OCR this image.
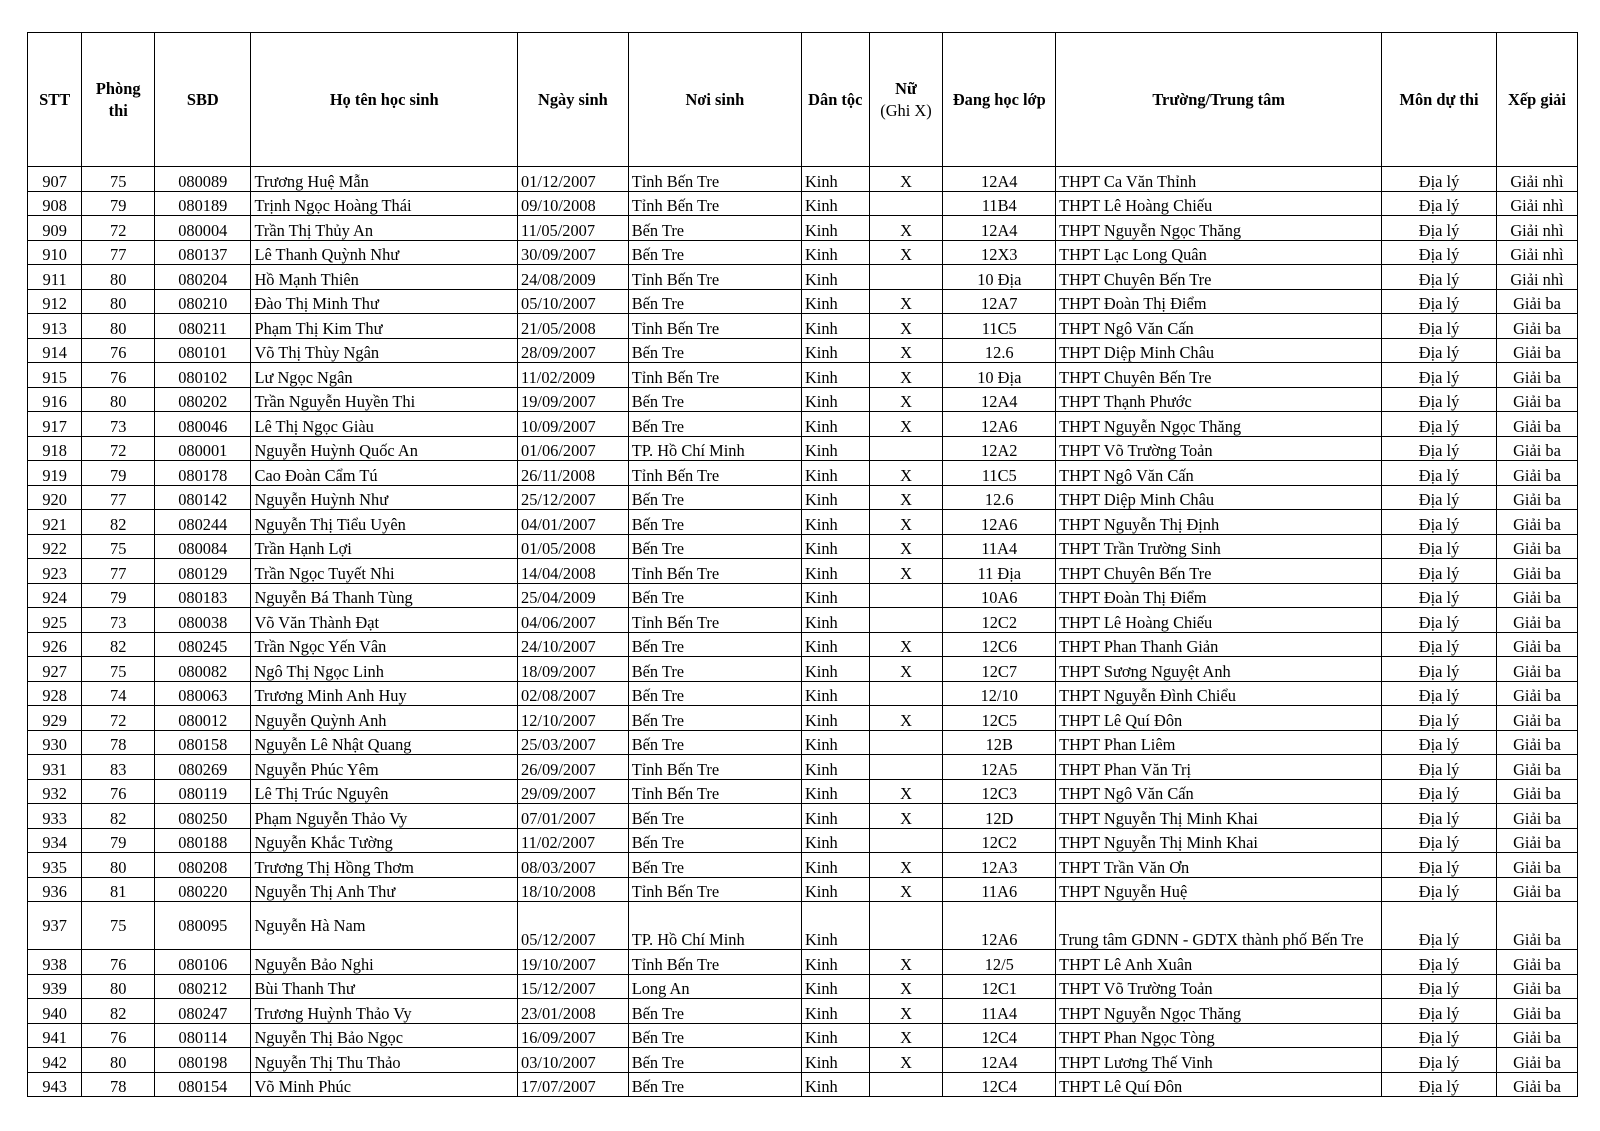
STT	Phòng thi	SBD	Họ tên học sinh	Ngày sinh	Nơi sinh	Dân tộc	Nữ
(Ghi X)	Đang học lớp	Trường/Trung tâm	Môn dự thi	Xếp giải
907	75	080089	Trương Huệ Mẫn	01/12/2007	Tỉnh Bến Tre	Kinh	X	12A4	THPT Ca Văn Thỉnh	Địa lý	Giải nhì
908	79	080189	Trịnh Ngọc Hoàng Thái	09/10/2008	Tỉnh Bến Tre	Kinh		11B4	THPT Lê Hoàng Chiếu	Địa lý	Giải nhì
909	72	080004	Trần Thị Thủy An	11/05/2007	Bến Tre	Kinh	X	12A4	THPT Nguyễn Ngọc Thăng	Địa lý	Giải nhì
910	77	080137	Lê Thanh Quỳnh Như	30/09/2007	Bến Tre	Kinh	X	12X3	THPT Lạc Long Quân	Địa lý	Giải nhì
911	80	080204	Hồ Mạnh Thiên	24/08/2009	Tỉnh Bến Tre	Kinh		10 Địa	THPT Chuyên Bến Tre	Địa lý	Giải nhì
912	80	080210	Đào Thị Minh Thư	05/10/2007	Bến Tre	Kinh	X	12A7	THPT Đoàn Thị Điểm	Địa lý	Giải ba
913	80	080211	Phạm Thị Kim Thư	21/05/2008	Tỉnh Bến Tre	Kinh	X	11C5	THPT Ngô Văn Cấn	Địa lý	Giải ba
914	76	080101	Võ Thị Thùy Ngân	28/09/2007	Bến Tre	Kinh	X	12.6	THPT Diệp Minh Châu	Địa lý	Giải ba
915	76	080102	Lư Ngọc Ngân	11/02/2009	Tỉnh Bến Tre	Kinh	X	10 Địa	THPT Chuyên Bến Tre	Địa lý	Giải ba
916	80	080202	Trần Nguyễn Huyền Thi	19/09/2007	Bến Tre	Kinh	X	12A4	THPT Thạnh Phước	Địa lý	Giải ba
917	73	080046	Lê Thị Ngọc Giàu	10/09/2007	Bến Tre	Kinh	X	12A6	THPT Nguyễn Ngọc Thăng	Địa lý	Giải ba
918	72	080001	Nguyễn Huỳnh Quốc An	01/06/2007	TP. Hồ Chí Minh	Kinh		12A2	THPT Võ Trường Toản	Địa lý	Giải ba
919	79	080178	Cao Đoàn Cẩm Tú	26/11/2008	Tỉnh Bến Tre	Kinh	X	11C5	THPT Ngô Văn Cấn	Địa lý	Giải ba
920	77	080142	Nguyễn Huỳnh Như	25/12/2007	Bến Tre	Kinh	X	12.6	THPT Diệp Minh Châu	Địa lý	Giải ba
921	82	080244	Nguyễn Thị Tiểu Uyên	04/01/2007	Bến Tre	Kinh	X	12A6	THPT Nguyễn Thị Định	Địa lý	Giải ba
922	75	080084	Trần Hạnh Lợi	01/05/2008	Bến Tre	Kinh	X	11A4	THPT Trần Trường Sinh	Địa lý	Giải ba
923	77	080129	Trần Ngọc Tuyết Nhi	14/04/2008	Tỉnh Bến Tre	Kinh	X	11 Địa	THPT Chuyên Bến Tre	Địa lý	Giải ba
924	79	080183	Nguyễn Bá Thanh Tùng	25/04/2009	Bến Tre	Kinh		10A6	THPT Đoàn Thị Điểm	Địa lý	Giải ba
925	73	080038	Võ Văn Thành Đạt	04/06/2007	Tỉnh Bến Tre	Kinh		12C2	THPT Lê Hoàng Chiếu	Địa lý	Giải ba
926	82	080245	Trần Ngọc Yến Vân	24/10/2007	Bến Tre	Kinh	X	12C6	THPT Phan Thanh Giản	Địa lý	Giải ba
927	75	080082	Ngô Thị Ngọc Linh	18/09/2007	Bến Tre	Kinh	X	12C7	THPT Sương Nguyệt Anh	Địa lý	Giải ba
928	74	080063	Trương Minh Anh Huy	02/08/2007	Bến Tre	Kinh		12/10	THPT Nguyễn Đình Chiểu	Địa lý	Giải ba
929	72	080012	Nguyễn Quỳnh Anh	12/10/2007	Bến Tre	Kinh	X	12C5	THPT Lê Quí Đôn	Địa lý	Giải ba
930	78	080158	Nguyễn Lê Nhật Quang	25/03/2007	Bến Tre	Kinh		12B	THPT Phan Liêm	Địa lý	Giải ba
931	83	080269	Nguyễn Phúc Yêm	26/09/2007	Tỉnh Bến Tre	Kinh		12A5	THPT Phan Văn Trị	Địa lý	Giải ba
932	76	080119	Lê Thị Trúc Nguyên	29/09/2007	Tỉnh Bến Tre	Kinh	X	12C3	THPT Ngô Văn Cấn	Địa lý	Giải ba
933	82	080250	Phạm Nguyễn Thảo Vy	07/01/2007	Bến Tre	Kinh	X	12D	THPT Nguyễn Thị Minh Khai	Địa lý	Giải ba
934	79	080188	Nguyễn Khắc Tường	11/02/2007	Bến Tre	Kinh		12C2	THPT Nguyễn Thị Minh Khai	Địa lý	Giải ba
935	80	080208	Trương Thị Hồng Thơm	08/03/2007	Bến Tre	Kinh	X	12A3	THPT Trần Văn Ơn	Địa lý	Giải ba
936	81	080220	Nguyễn Thị Anh Thư	18/10/2008	Tỉnh Bến Tre	Kinh	X	11A6	THPT Nguyễn Huệ	Địa lý	Giải ba
937	75	080095	Nguyễn Hà Nam	05/12/2007	TP. Hồ Chí Minh	Kinh		12A6	Trung tâm GDNN - GDTX thành phố Bến Tre	Địa lý	Giải ba
938	76	080106	Nguyễn Bảo Nghi	19/10/2007	Tỉnh Bến Tre	Kinh	X	12/5	THPT Lê Anh Xuân	Địa lý	Giải ba
939	80	080212	Bùi Thanh Thư	15/12/2007	Long An	Kinh	X	12C1	THPT Võ Trường Toản	Địa lý	Giải ba
940	82	080247	Trương Huỳnh Thảo Vy	23/01/2008	Bến Tre	Kinh	X	11A4	THPT Nguyễn Ngọc Thăng	Địa lý	Giải ba
941	76	080114	Nguyễn Thị Bảo Ngọc	16/09/2007	Bến Tre	Kinh	X	12C4	THPT Phan Ngọc Tòng	Địa lý	Giải ba
942	80	080198	Nguyễn Thị Thu Thảo	03/10/2007	Bến Tre	Kinh	X	12A4	THPT Lương Thế Vinh	Địa lý	Giải ba
943	78	080154	Võ Minh Phúc	17/07/2007	Bến Tre	Kinh		12C4	THPT Lê Quí Đôn	Địa lý	Giải ba
